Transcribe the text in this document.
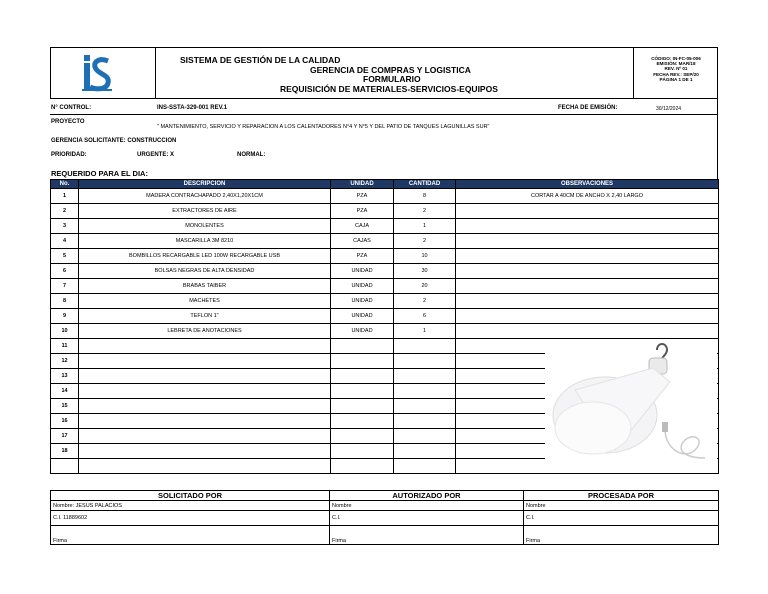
SISTEMA DE GESTIÓN DE LA CALIDAD
GERENCIA DE COMPRAS Y LOGISTICA
FORMULARIO
REQUISICIÓN DE MATERIALES-SERVICIOS-EQUIPOS
CÓDIGO: IN-FC-05-006
EMISIÓN: MAR/18
REV. Nº 01
FECHA REV.: SEP/20
PÁGINA 1 DE 1
N° CONTROL:	INS-SSTA-329-001 REV.1	FECHA DE EMISIÓN:	30/12/2024
PROYECTO
" MANTENIMIENTO, SERVICIO Y REPARACION A LOS CALENTADORES N°4 Y N°5 Y DEL PATIO DE TANQUES LAGUNILLAS SUR"
GERENCIA SOLICITANTE: CONSTRUCCION
PRIORIDAD:	URGENTE: X	NORMAL:
REQUERIDO PARA EL DIA:
No.	DESCRIPCIÓN	UNIDAD	CANTIDAD	OBSERVACIONES
1	MADERA CONTRACHAPADO 2,40X1,20X1CM	PZA	8	CORTAR A 40CM DE ANCHO X 2,40 LARGO
2	EXTRACTORES DE AIRE	PZA	2	
3	MONOLENTES	CAJA	1	
4	MASCARILLA 3M 8210	CAJAS	2	
5	BOMBILLOS RECARGABLE LED 100W RECARGABLE USB	PZA	10	
6	BOLSAS NEGRAS DE ALTA DENSIDAD	UNIDAD	30	
7	BRABAS TAIBER	UNIDAD	20	
8	MACHETES	UNIDAD	2	
9	TEFLON 1"	UNIDAD	6	
10	LEBRETA DE ANOTACIONES	UNIDAD	1	
11				
12				
13				
14				
15				
16				
17				
18				

SOLICITADO POR	AUTORIZADO POR	PROCESADA POR
Nombre: JESUS PALACIOS	Nombre	Nombre
C.I. 11889602	C.I.	C.I.
Firma	Firma	Firma
